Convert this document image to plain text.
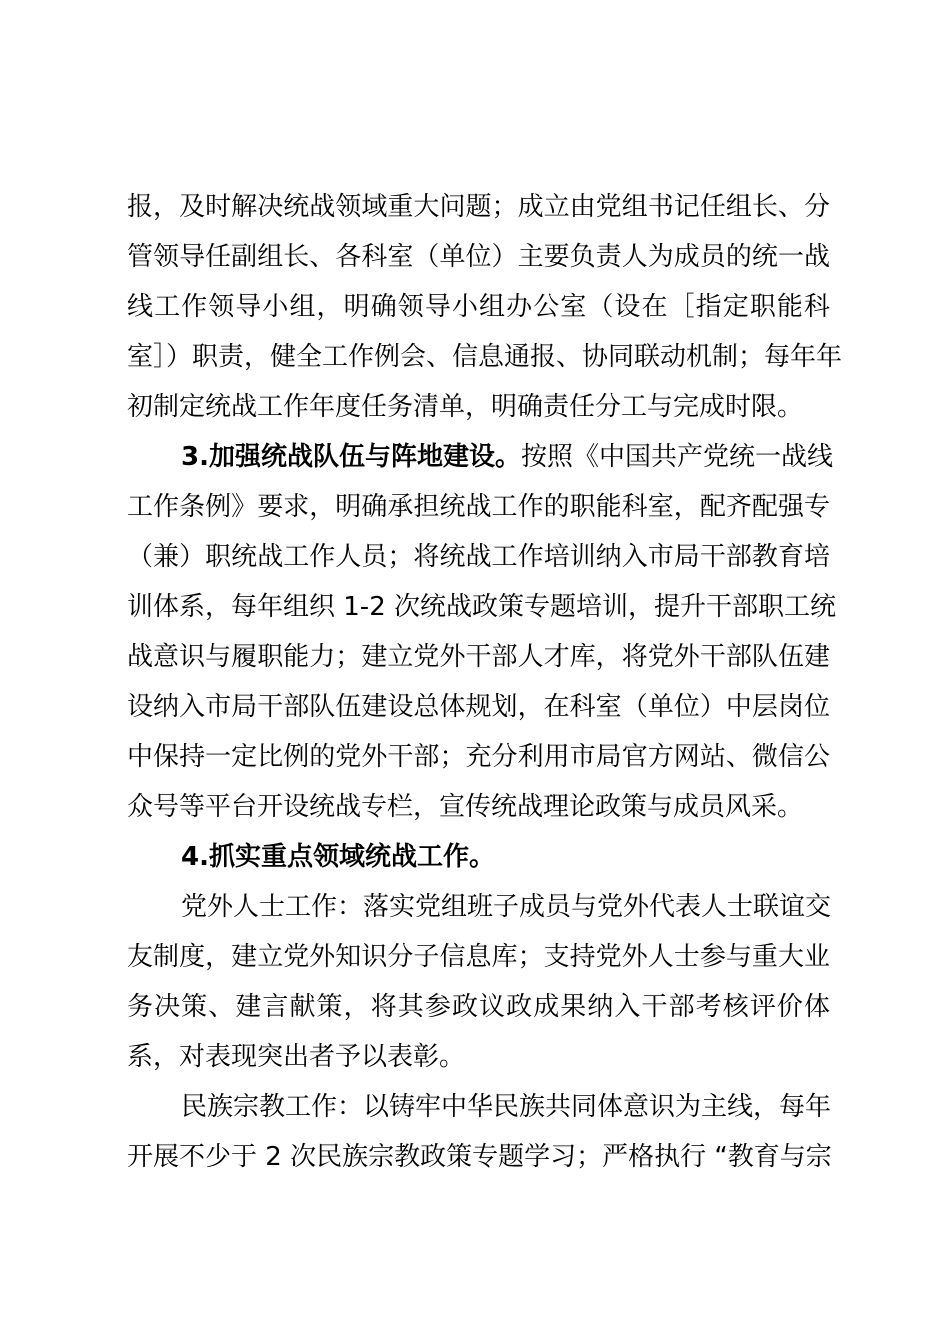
报，及时解决统战领域重大问题；成立由党组书记任组长、分
管领导任副组长、各科室（单位）主要负责人为成员的统一战
线工作领导小组，明确领导小组办公室（设在［指定职能科
室］）职责，健全工作例会、信息通报、协同联动机制；每年年
初制定统战工作年度任务清单，明确责任分工与完成时限。
3.加强统战队伍与阵地建设。按照《中国共产党统一战线
工作条例》要求，明确承担统战工作的职能科室，配齐配强专
（兼）职统战工作人员；将统战工作培训纳入市局干部教育培
训体系，每年组织 1-2 次统战政策专题培训，提升干部职工统
战意识与履职能力；建立党外干部人才库，将党外干部队伍建
设纳入市局干部队伍建设总体规划，在科室（单位）中层岗位
中保持一定比例的党外干部；充分利用市局官方网站、微信公
众号等平台开设统战专栏，宣传统战理论政策与成员风采。
4.抓实重点领域统战工作。
党外人士工作：落实党组班子成员与党外代表人士联谊交
友制度，建立党外知识分子信息库；支持党外人士参与重大业
务决策、建言献策，将其参政议政成果纳入干部考核评价体
系，对表现突出者予以表彰。
民族宗教工作：以铸牢中华民族共同体意识为主线，每年
开展不少于 2 次民族宗教政策专题学习；严格执行 “教育与宗
